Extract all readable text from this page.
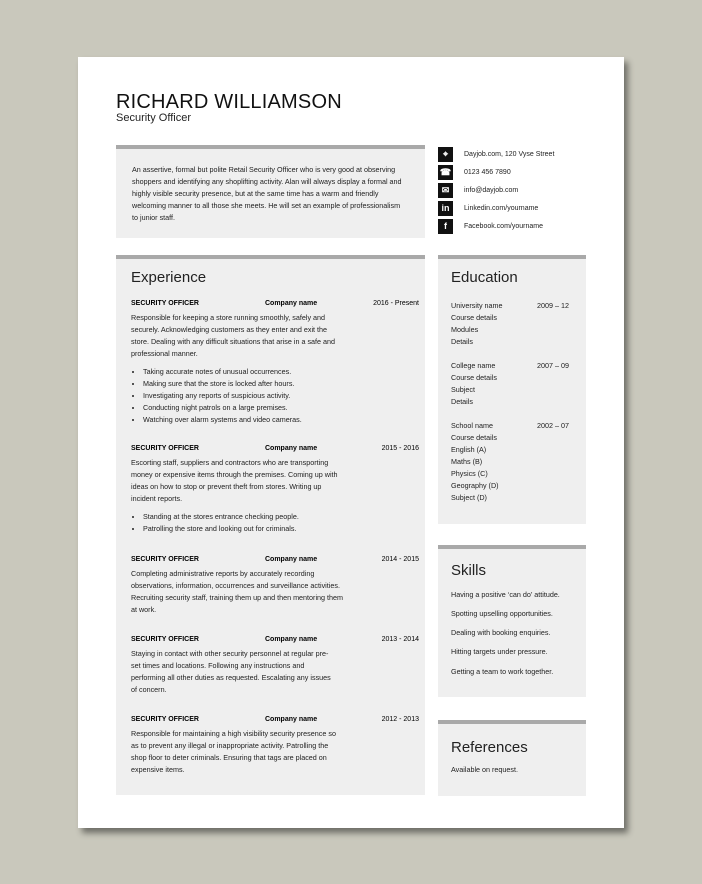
RICHARD WILLIAMSON
Security Officer
An assertive, formal but polite Retail Security Officer who is very good at observing shoppers and identifying any shoplifting activity. Alan will always display a formal and highly visible security presence, but at the same time has a warm and friendly welcoming manner to all those she meets. He will set an example of professionalism to junior staff.
⌖	Dayjob.com, 120 Vyse Street
☎ 0123 456 7890
✉	info@dayjob.com
in	Linkedin.com/yourname
f	Facebook.com/yourname
Experience
SECURITY OFFICER	Company name	2016 - Present
Responsible for keeping a store running smoothly, safely and securely. Acknowledging customers as they enter and exit the store. Dealing with any difficult situations that arise in a safe and professional manner.
• Taking accurate notes of unusual occurrences.
• Making sure that the store is locked after hours.
• Investigating any reports of suspicious activity.
• Conducting night patrols on a large premises.
• Watching over alarm systems and video cameras.
SECURITY OFFICER	Company name	2015 - 2016
Escorting staff, suppliers and contractors who are transporting money or expensive items through the premises. Coming up with ideas on how to stop or prevent theft from stores. Writing up incident reports.
• Standing at the stores entrance checking people.
• Patrolling the store and looking out for criminals.
SECURITY OFFICER	Company name	2014 - 2015
Completing administrative reports by accurately recording observations, information, occurrences and surveillance activities. Recruiting security staff, training them up and then mentoring them at work.
SECURITY OFFICER	Company name	2013 - 2014
Staying in contact with other security personnel at regular pre-set times and locations. Following any instructions and performing all other duties as requested. Escalating any issues of concern.
SECURITY OFFICER	Company name	2012 - 2013
Responsible for maintaining a high visibility security presence so as to prevent any illegal or inappropriate activity. Patrolling the shop floor to deter criminals. Ensuring that tags are placed on expensive items.
Education
University name	2009 – 12
Course details
Modules
Details
College name	2007 – 09
Course details
Subject
Details
School name	2002 – 07
Course details
English (A)
Maths (B)
Physics (C)
Geography (D)
Subject (D)
Skills
Having a positive ‘can do’ attitude.
Spotting upselling opportunities.
Dealing with booking enquiries.
Hitting targets under pressure.
Getting a team to work together.
References
Available on request.
